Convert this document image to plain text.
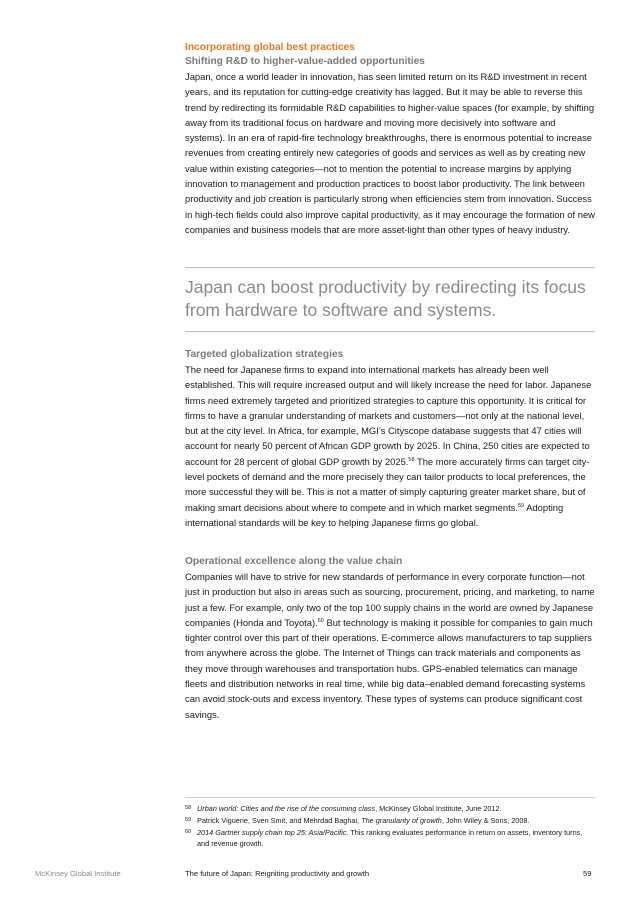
Incorporating global best practices
Shifting R&D to higher-value-added opportunities

Japan, once a world leader in innovation, has seen limited return on its R&D investment in recent years, and its reputation for cutting-edge creativity has lagged. But it may be able to reverse this trend by redirecting its formidable R&D capabilities to higher-value spaces (for example, by shifting away from its traditional focus on hardware and moving more decisively into software and systems). In an era of rapid-fire technology breakthroughs, there is enormous potential to increase revenues from creating entirely new categories of goods and services as well as by creating new value within existing categories—not to mention the potential to increase margins by applying innovation to management and production practices to boost labor productivity. The link between productivity and job creation is particularly strong when efficiencies stem from innovation. Success in high-tech fields could also improve capital productivity, as it may encourage the formation of new companies and business models that are more asset-light than other types of heavy industry.

Japan can boost productivity by redirecting its focus from hardware to software and systems.
Targeted globalization strategies

The need for Japanese firms to expand into international markets has already been well established. This will require increased output and will likely increase the need for labor. Japanese firms need extremely targeted and prioritized strategies to capture this opportunity. It is critical for firms to have a granular understanding of markets and customers—not only at the national level, but at the city level. In Africa, for example, MGI’s Cityscope database suggests that 47 cities will account for nearly 50 percent of African GDP growth by 2025. In China, 250 cities are expected to account for 28 percent of global GDP growth by 2025.58 The more accurately firms can target city-level pockets of demand and the more precisely they can tailor products to local preferences, the more successful they will be. This is not a matter of simply capturing greater market share, but of making smart decisions about where to compete and in which market segments.$^{59}$ Adopting international standards will be key to helping Japanese firms go global.

Operational excellence along the value chain

Companies will have to strive for new standards of performance in every corporate function—not just in production but also in areas such as sourcing, procurement, pricing, and marketing, to name just a few. For example, only two of the top 100 supply chains in the world are owned by Japanese companies (Honda and Toyota).$^{60}$ But technology is making it possible for companies to gain much tighter control over this part of their operations. E-commerce allows manufacturers to tap suppliers from anywhere across the globe. The Internet of Things can track materials and components as they move through warehouses and transportation hubs. GPS-enabled telematics can manage fleets and distribution networks in real time, while big data–enabled demand forecasting systems can avoid stock-outs and excess inventory. These types of systems can produce significant cost savings.

58 Urban world: Cities and the rise of the consuming class, McKinsey Global Institute, June 2012.
59 Patrick Viguerie, Sven Smit, and Mehrdad Baghai, The granularity of growth, John Wiley & Sons, 2008.
60 2014 Gartner supply chain top 25: Asia/Pacific. This ranking evaluates performance in return on assets, inventory turns, and revenue growth.
McKinsey Global Institute	The future of Japan: Reigniting productivity and growth	59
